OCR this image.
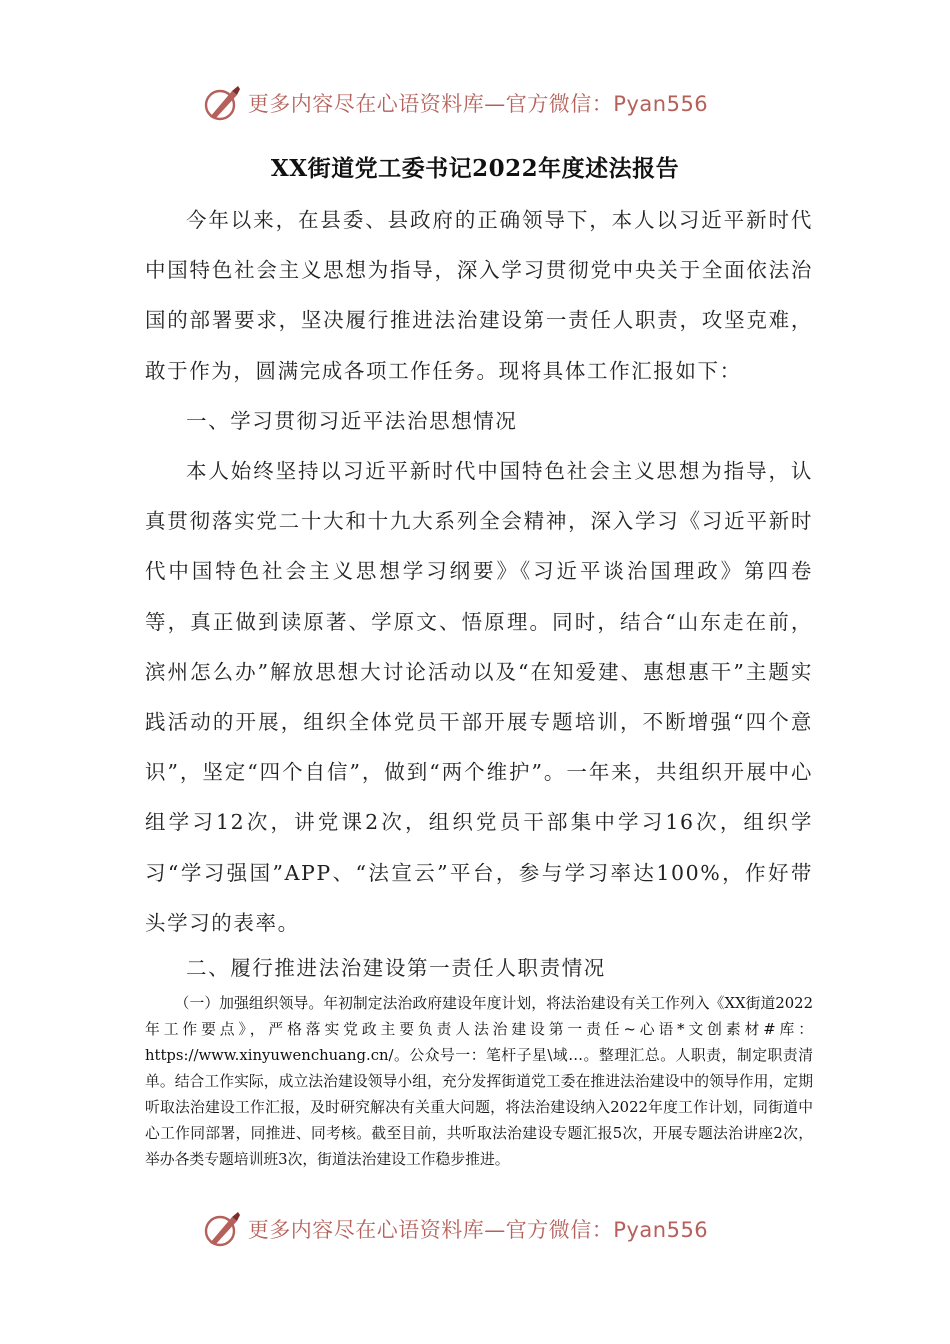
更多内容尽在心语资料库—官方微信：Pyan556
XX街道党工委书记2022年度述法报告

今年以来，在县委、县政府的正确领导下，本人以习近平新时代中国特色社会主义思想为指导，深入学习贯彻党中央关于全面依法治国的部署要求，坚决履行推进法治建设第一责任人职责，攻坚克难，敢于作为，圆满完成各项工作任务。现将具体工作汇报如下：

一、学习贯彻习近平法治思想情况

本人始终坚持以习近平新时代中国特色社会主义思想为指导，认真贯彻落实党二十大和十九大系列全会精神，深入学习《习近平新时代中国特色社会主义思想学习纲要》《习近平谈治国理政》第四卷等，真正做到读原著、学原文、悟原理。同时，结合“山东走在前，滨州怎么办”解放思想大讨论活动以及“在知爱建、惠想惠干”主题实践活动的开展，组织全体党员干部开展专题培训，不断增强“四个意识”，坚定“四个自信”，做到“两个维护”。一年来，共组织开展中心组学习12次，讲党课2次，组织党员干部集中学习16次，组织学习“学习强国”APP、“法宣云”平台，参与学习率达100%，作好带头学习的表率。

二、履行推进法治建设第一责任人职责情况

（一）加强组织领导。年初制定法治政府建设年度计划，将法治建设有关工作列入《XX街道2022年工作要点》，严格落实党政主要负责人法治建设第一责任~心语*文创素材#库：https://www.xinyuwenchuang.cn/。公众号一：笔杆子星\域…。整理汇总。人职责，制定职责清单。结合工作实际，成立法治建设领导小组，充分发挥街道党工委在推进法治建设中的领导作用，定期听取法治建设工作汇报，及时研究解决有关重大问题，将法治建设纳入2022年度工作计划，同街道中心工作同部署，同推进、同考核。截至目前，共听取法治建设专题汇报5次，开展专题法治讲座2次，举办各类专题培训班3次，街道法治建设工作稳步推进。

更多内容尽在心语资料库—官方微信：Pyan556
